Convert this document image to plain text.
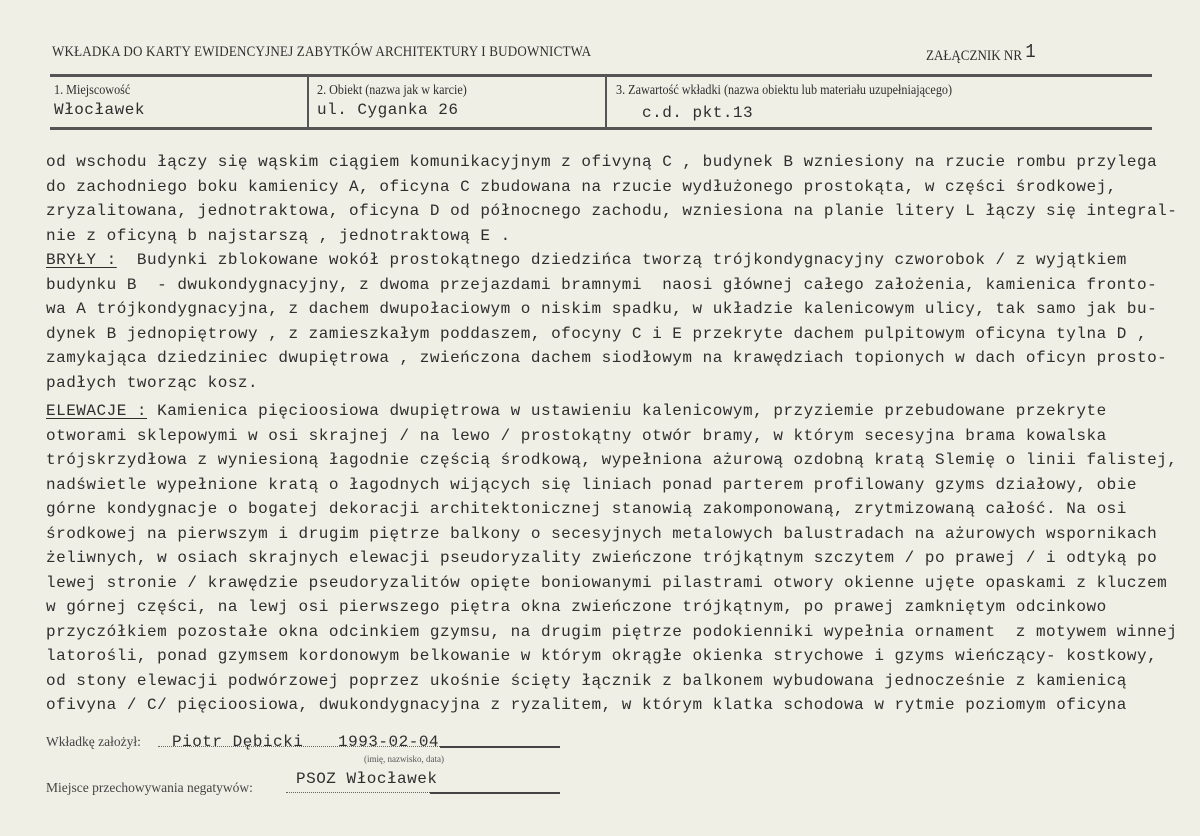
WKŁADKA DO KARTY EWIDENCYJNEJ ZABYTKÓW ARCHITEKTURY I BUDOWNICTWA	ZAŁĄCZNIK NR 1
1. Miejscowość
Włocławek
2. Obiekt (nazwa jak w karcie)
ul. Cyganka 26
3. Zawartość wkładki (nazwa obiektu lub materiału uzupełniającego)
c.d. pkt.13
od wschodu łączy się wąskim ciągiem komunikacyjnym z ofivyną C , budynek B wzniesiony na rzucie rombu przylega
do zachodniego boku kamienicy A, oficyna C zbudowana na rzucie wydłużonego prostokąta, w części środkowej,
zryzalitowana, jednotraktowa, oficyna D od północnego zachodu, wzniesiona na planie litery L łączy się integral-
nie z oficyną b najstarszą , jednotraktową E .
BRYŁY :  Budynki zblokowane wokół prostokątnego dziedzińca tworzą trójkondygnacyjny czworobok / z wyjątkiem
budynku B  - dwukondygnacyjny, z dwoma przejazdami bramnymi  naosi głównej całego założenia, kamienica fronto-
wa A trójkondygnacyjna, z dachem dwupołaciowym o niskim spadku, w układzie kalenicowym ulicy, tak samo jak bu-
dynek B jednopiętrowy , z zamieszkałym poddaszem, ofocyny C i E przekryte dachem pulpitowym oficyna tylna D ,
zamykająca dziedziniec dwupiętrowa , zwieńczona dachem siodłowym na krawędziach topionych w dach oficyn prosto-
padłych tworząc kosz.
ELEWACJE : Kamienica pięcioosiowa dwupiętrowa w ustawieniu kalenicowym, przyziemie przebudowane przekryte
otworami sklepowymi w osi skrajnej / na lewo / prostokątny otwór bramy, w którym secesyjna brama kowalska
trójskrzydłowa z wyniesioną łagodnie częścią środkową, wypełniona ażurową ozdobną kratą Slemię o linii falistej,
nadświetle wypełnione kratą o łagodnych wijących się liniach ponad parterem profilowany gzyms działowy, obie
górne kondygnacje o bogatej dekoracji architektonicznej stanowią zakomponowaną, zrytmizowaną całość. Na osi
środkowej na pierwszym i drugim piętrze balkony o secesyjnych metalowych balustradach na ażurowych wspornikach
żeliwnych, w osiach skrajnych elewacji pseudoryzality zwieńczone trójkątnym szczytem / po prawej / i odtyką po
lewej stronie / krawędzie pseudoryzalitów opięte boniowanymi pilastrami otwory okienne ujęte opaskami z kluczem
w górnej części, na lewj osi pierwszego piętra okna zwieńczone trójkątnym, po prawej zamkniętym odcinkowo
przyczółkiem pozostałe okna odcinkiem gzymsu, na drugim piętrze podokienniki wypełnia ornament  z motywem winnej
latorośli, ponad gzymsem kordonowym belkowanie w którym okrągłe okienka strychowe i gzyms wieńczący- kostkowy,
od stony elewacji podwórzowej poprzez ukośnie ścięty łącznik z balkonem wybudowana jednocześnie z kamienicą
ofivyna / C/ pięcioosiowa, dwukondygnacyjna z ryzalitem, w którym klatka schodowa w rytmie poziomym oficyna
Wkładkę założył: Piotr Dębicki 1993-02-04
(imię, nazwisko, data)
Miejsce przechowywania negatywów:	PSOZ Włocławek
